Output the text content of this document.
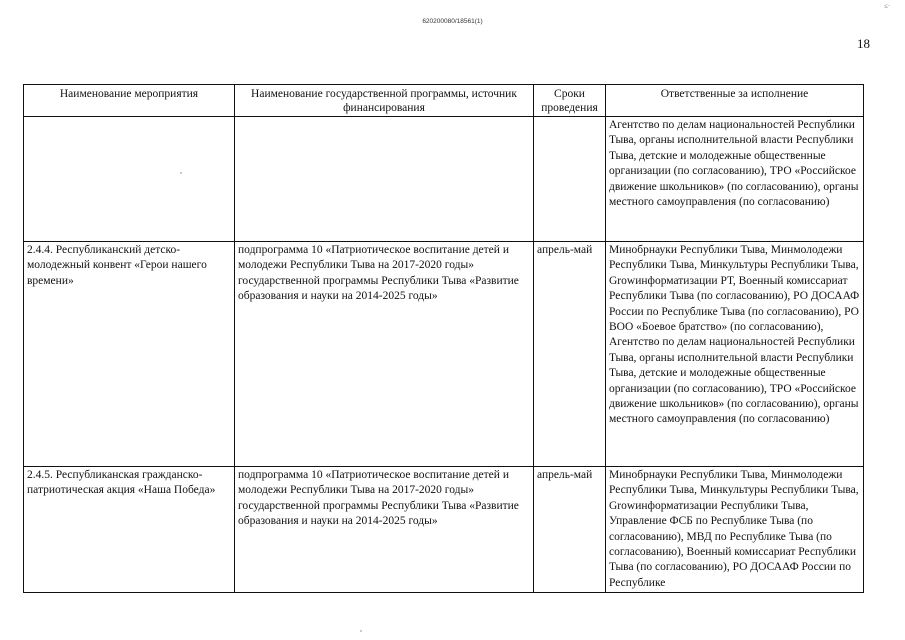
620200080/18561(1)
≤·
18
Наименование мероприятия	Наименование государственной программы, источник финансирования	Сроки проведения	Ответственные за исполнение
			Агентство по делам национальностей Республики Тыва, органы исполнительной власти Республики Тыва, детские и молодежные общественные организации (по согласованию), ТРО «Российское движение школьников» (по согласованию), органы местного самоуправления (по согласованию)
2.4.4. Республиканский детско-молодежный конвент «Герои нашего времени»	подпрограмма 10 «Патриотическое воспитание детей и молодежи Республики Тыва на 2017-2020 годы» государственной программы Республики Тыва «Развитие образования и науки на 2014-2025 годы»	апрель-май	Минобрнауки Республики Тыва, Минмолодежи Республики Тыва, Минкультуры Республики Тыва, Growинформатизации РТ, Военный комиссариат Республики Тыва (по согласованию), РО ДОСААФ России по Республике Тыва (по согласованию), РО ВОО «Боевое братство» (по согласованию), Агентство по делам национальностей Республики Тыва, органы исполнительной власти Республики Тыва, детские и молодежные общественные организации (по согласованию), ТРО «Российское движение школьников» (по согласованию), органы местного самоуправления (по согласованию)
2.4.5. Республиканская гражданско-патриотическая акция «Наша Победа»	подпрограмма 10 «Патриотическое воспитание детей и молодежи Республики Тыва на 2017-2020 годы» государственной программы Республики Тыва «Развитие образования и науки на 2014-2025 годы»	апрель-май	Минобрнауки Республики Тыва, Минмолодежи Республики Тыва, Минкультуры Республики Тыва, Growинформатизации Республики Тыва, Управление ФСБ по Республике Тыва (по согласованию), МВД по Республике Тыва (по согласованию), Военный комиссариат Республики Тыва (по согласованию), РО ДОСААФ России по Республике
